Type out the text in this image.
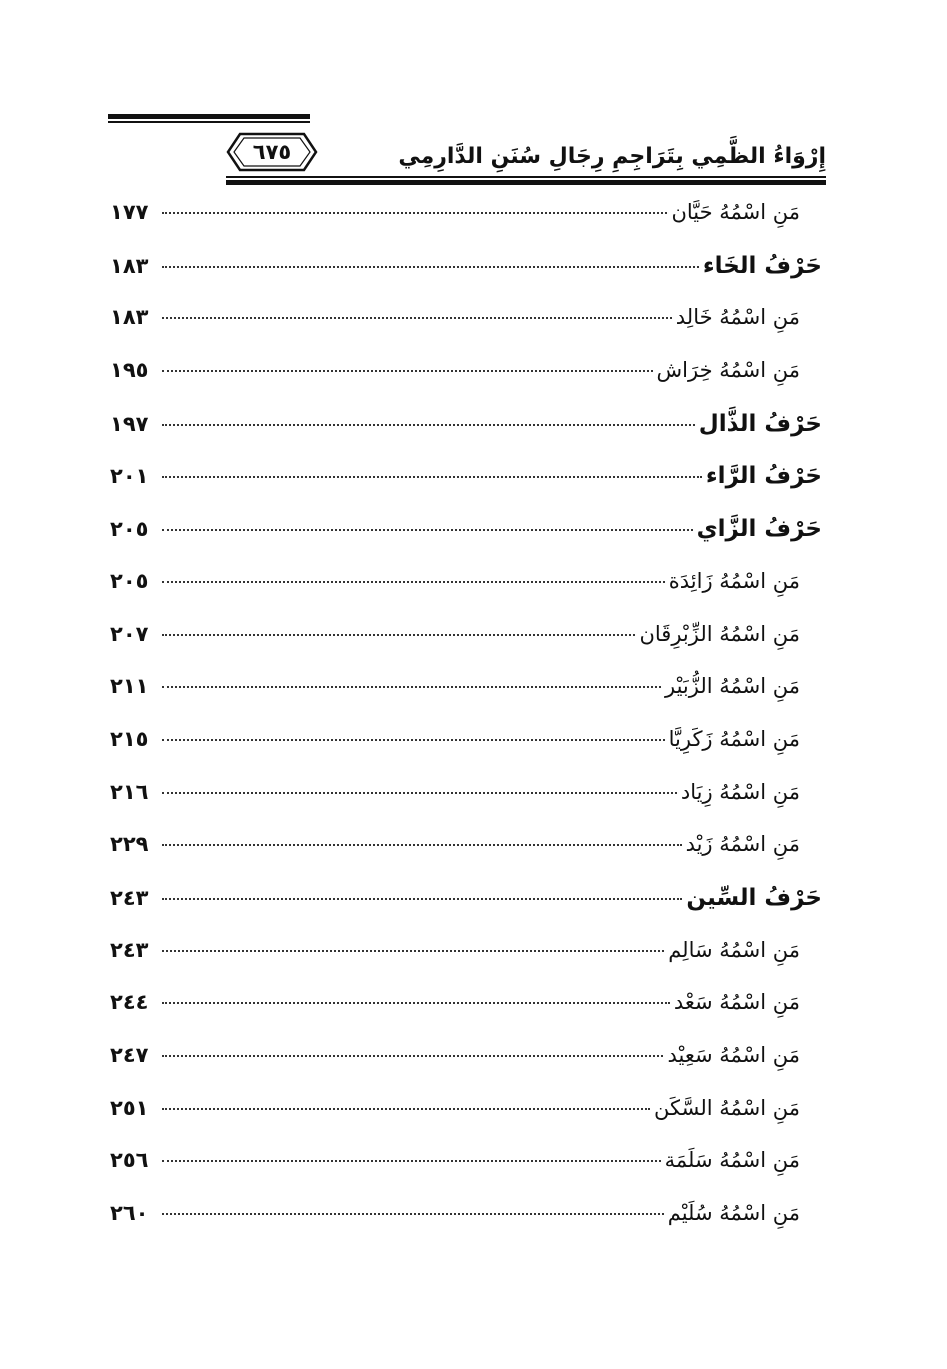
٦٧٥	إِرْوَاءُ الظَّمِي بِتَرَاجِمِ رِجَالِ سُنَنِ الدَّارِمِي
مَنِ اسْمُهُ حَيَّان
١٧٧
حَرْفُ الخَاء
١٨٣
مَنِ اسْمُهُ خَالِد
١٨٣
مَنِ اسْمُهُ خِرَاش
١٩٥
حَرْفُ الذَّال
١٩٧
حَرْفُ الرَّاء
٢٠١
حَرْفُ الزَّاي
٢٠٥
مَنِ اسْمُهُ زَائِدَة
٢٠٥
مَنِ اسْمُهُ الزِّبْرِقَان
٢٠٧
مَنِ اسْمُهُ الزُّبَيْر
٢١١
مَنِ اسْمُهُ زَكَرِيَّا
٢١٥
مَنِ اسْمُهُ زِيَاد
٢١٦
مَنِ اسْمُهُ زَيْد
٢٢٩
حَرْفُ السِّين
٢٤٣
مَنِ اسْمُهُ سَالِم
٢٤٣
مَنِ اسْمُهُ سَعْد
٢٤٤
مَنِ اسْمُهُ سَعِيْد
٢٤٧
مَنِ اسْمُهُ السَّكَن
٢٥١
مَنِ اسْمُهُ سَلَمَة
٢٥٦
مَنِ اسْمُهُ سُلَيْم
٢٦٠
